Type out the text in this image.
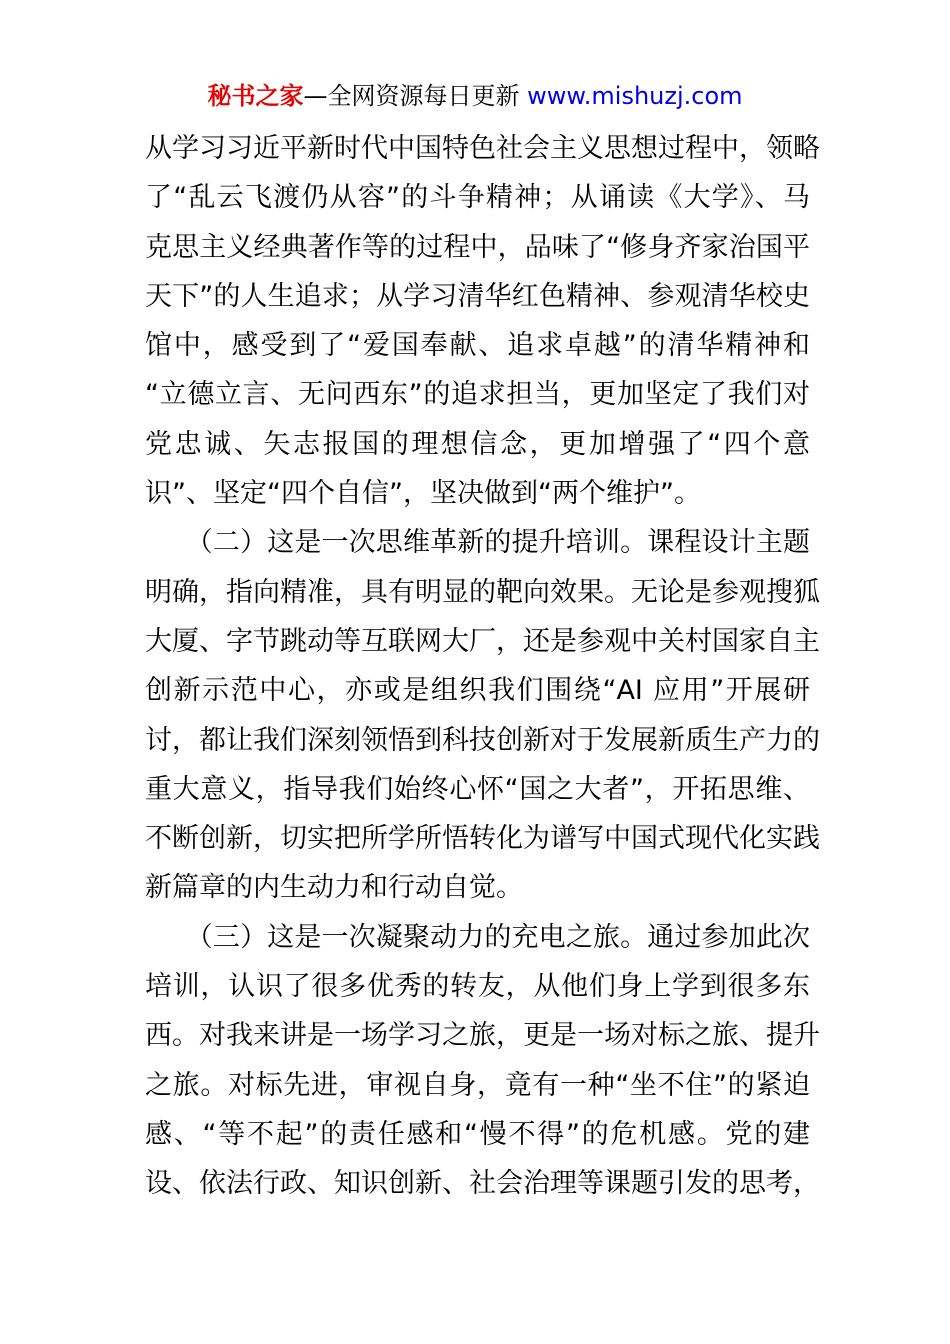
秘书之家—全网资源每日更新 www.mishuzj.com
从学习习近平新时代中国特色社会主义思想过程中，领略
了“乱云飞渡仍从容”的斗争精神；从诵读《大学》、马
克思主义经典著作等的过程中，品味了“修身齐家治国平
天下”的人生追求；从学习清华红色精神、参观清华校史
馆中，感受到了“爱国奉献、追求卓越”的清华精神和
“立德立言、无问西东”的追求担当，更加坚定了我们对
党忠诚、矢志报国的理想信念，更加增强了“四个意
识”、坚定“四个自信”，坚决做到“两个维护”。
　　（二）这是一次思维革新的提升培训。课程设计主题
明确，指向精准，具有明显的靶向效果。无论是参观搜狐
大厦、字节跳动等互联网大厂，还是参观中关村国家自主
创新示范中心，亦或是组织我们围绕“AI 应用”开展研
讨，都让我们深刻领悟到科技创新对于发展新质生产力的
重大意义，指导我们始终心怀“国之大者”，开拓思维、
不断创新，切实把所学所悟转化为谱写中国式现代化实践
新篇章的内生动力和行动自觉。
　　（三）这是一次凝聚动力的充电之旅。通过参加此次
培训，认识了很多优秀的转友，从他们身上学到很多东
西。对我来讲是一场学习之旅，更是一场对标之旅、提升
之旅。对标先进，审视自身，竟有一种“坐不住”的紧迫
感、“等不起”的责任感和“慢不得”的危机感。党的建
设、依法行政、知识创新、社会治理等课题引发的思考，
